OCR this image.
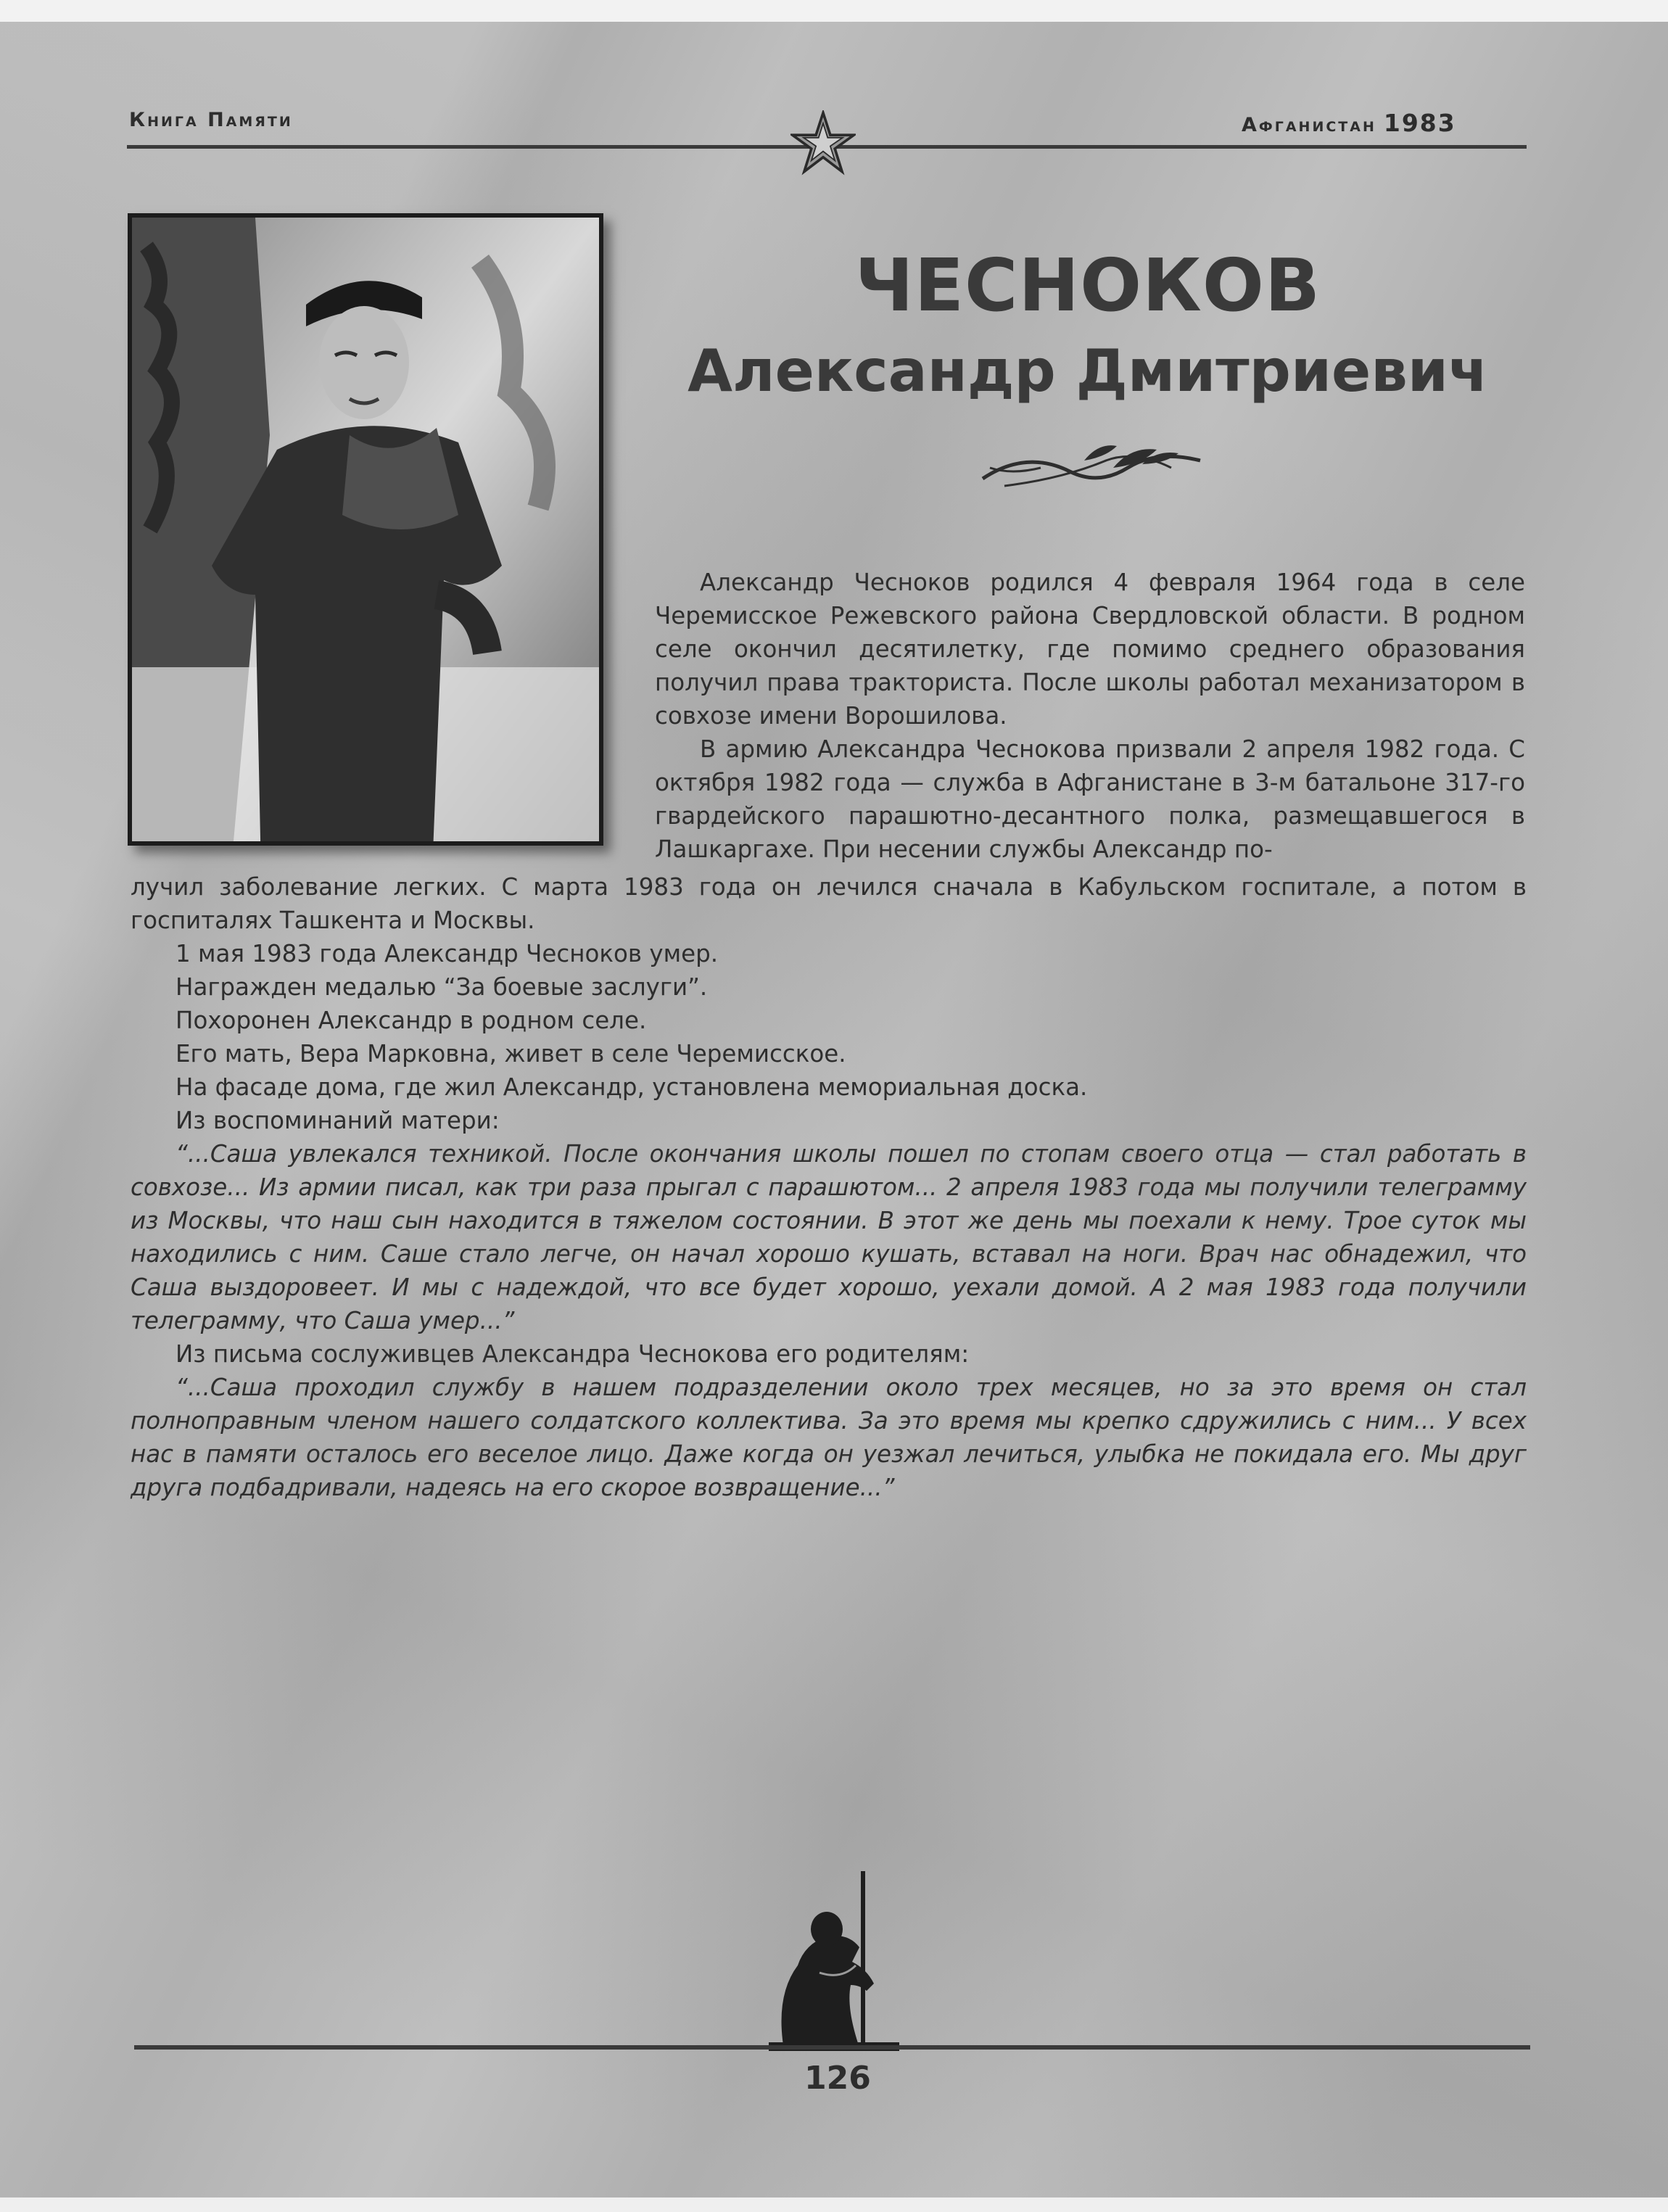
Книга Памяти	Афганистан 1983
ЧЕСНОКОВ
Александр Дмитриевич

Александр Чесноков родился 4 февраля 1964 года в селе Черемисское Режевского района Свердловской области. В родном селе окончил десятилетку, где помимо среднего образования получил права тракториста. После школы работал механизатором в совхозе имени Ворошилова.

В армию Александра Чеснокова призвали 2 апреля 1982 года. С октября 1982 года — служба в Афганистане в 3-м батальоне 317-го гвардейского парашютно-десантного полка, размещавшегося в Лашкаргахе. При несении службы Александр по-

лучил заболевание легких. С марта 1983 года он лечился сначала в Кабульском госпитале, а потом в госпиталях Ташкента и Москвы.

1 мая 1983 года Александр Чесноков умер.

Награжден медалью “За боевые заслуги”.

Похоронен Александр в родном селе.

Его мать, Вера Марковна, живет в селе Черемисское.

На фасаде дома, где жил Александр, установлена мемориальная доска.

Из воспоминаний матери:

“...Саша увлекался техникой. После окончания школы пошел по стопам своего отца — стал работать в совхозе... Из армии писал, как три раза прыгал с парашютом... 2 апреля 1983 года мы получили телеграмму из Москвы, что наш сын находится в тяжелом состоянии. В этот же день мы поехали к нему. Трое суток мы находились с ним. Саше стало легче, он начал хорошо кушать, вставал на ноги. Врач нас обнадежил, что Саша выздоровеет. И мы с надеждой, что все будет хорошо, уехали домой. А 2 мая 1983 года получили телеграмму, что Саша умер...”

Из письма сослуживцев Александра Чеснокова его родителям:

“...Саша проходил службу в нашем подразделении около трех месяцев, но за это время он стал полноправным членом нашего солдатского коллектива. За это время мы крепко сдружились с ним... У всех нас в памяти осталось его веселое лицо. Даже когда он уезжал лечиться, улыбка не покидала его. Мы друг друга подбадривали, надеясь на его скорое возвращение...”

126
